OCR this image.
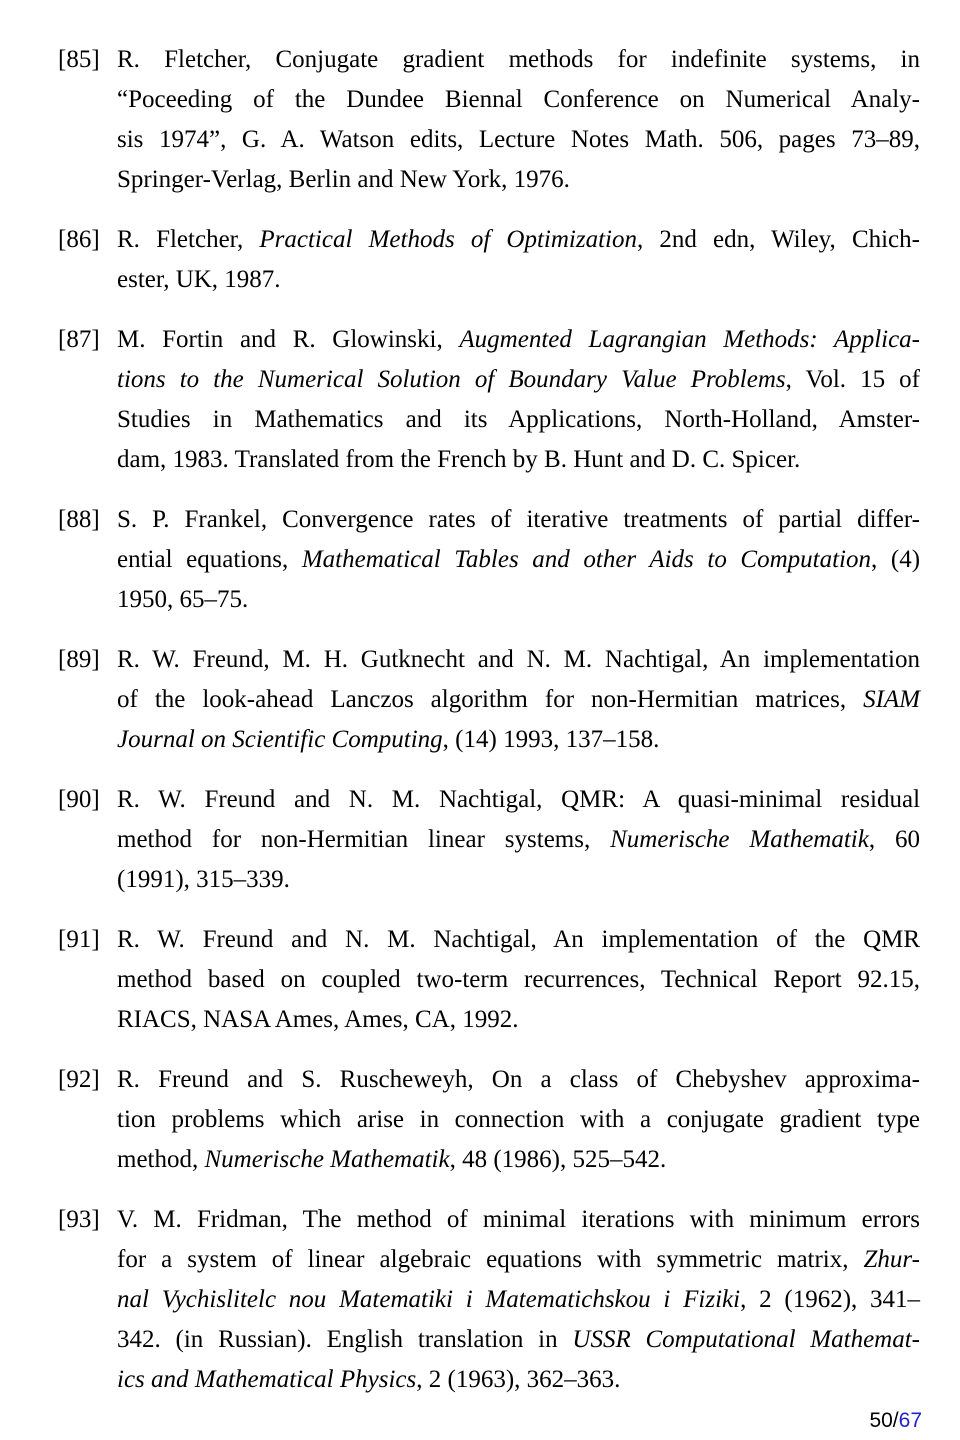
[85] R. Fletcher, Conjugate gradient methods for indefinite systems, in
“Poceeding of the Dundee Biennal Conference on Numerical Analy-
sis 1974”, G. A. Watson edits, Lecture Notes Math. 506, pages 73–89,
Springer-Verlag, Berlin and New York, 1976.
[86] R. Fletcher, Practical Methods of Optimization, 2nd edn, Wiley, Chich-
ester, UK, 1987.
[87] M. Fortin and R. Glowinski, Augmented Lagrangian Methods: Applica-
tions to the Numerical Solution of Boundary Value Problems, Vol. 15 of
Studies in Mathematics and its Applications, North-Holland, Amster-
dam, 1983. Translated from the French by B. Hunt and D. C. Spicer.
[88] S. P. Frankel, Convergence rates of iterative treatments of partial differ-
ential equations, Mathematical Tables and other Aids to Computation, (4)
1950, 65–75.
[89] R. W. Freund, M. H. Gutknecht and N. M. Nachtigal, An implementation
of the look-ahead Lanczos algorithm for non-Hermitian matrices, SIAM
Journal on Scientific Computing, (14) 1993, 137–158.
[90] R. W. Freund and N. M. Nachtigal, QMR: A quasi-minimal residual
method for non-Hermitian linear systems, Numerische Mathematik, 60
(1991), 315–339.
[91] R. W. Freund and N. M. Nachtigal, An implementation of the QMR
method based on coupled two-term recurrences, Technical Report 92.15,
RIACS, NASA Ames, Ames, CA, 1992.
[92] R. Freund and S. Ruscheweyh, On a class of Chebyshev approxima-
tion problems which arise in connection with a conjugate gradient type
method, Numerische Mathematik, 48 (1986), 525–542.
[93] V. M. Fridman, The method of minimal iterations with minimum errors
for a system of linear algebraic equations with symmetric matrix, Zhur-
nal Vychislitelc nou Matematiki i Matematichskou i Fiziki, 2 (1962), 341–
342. (in Russian). English translation in USSR Computational Mathemat-
ics and Mathematical Physics, 2 (1963), 362–363.
50/67
